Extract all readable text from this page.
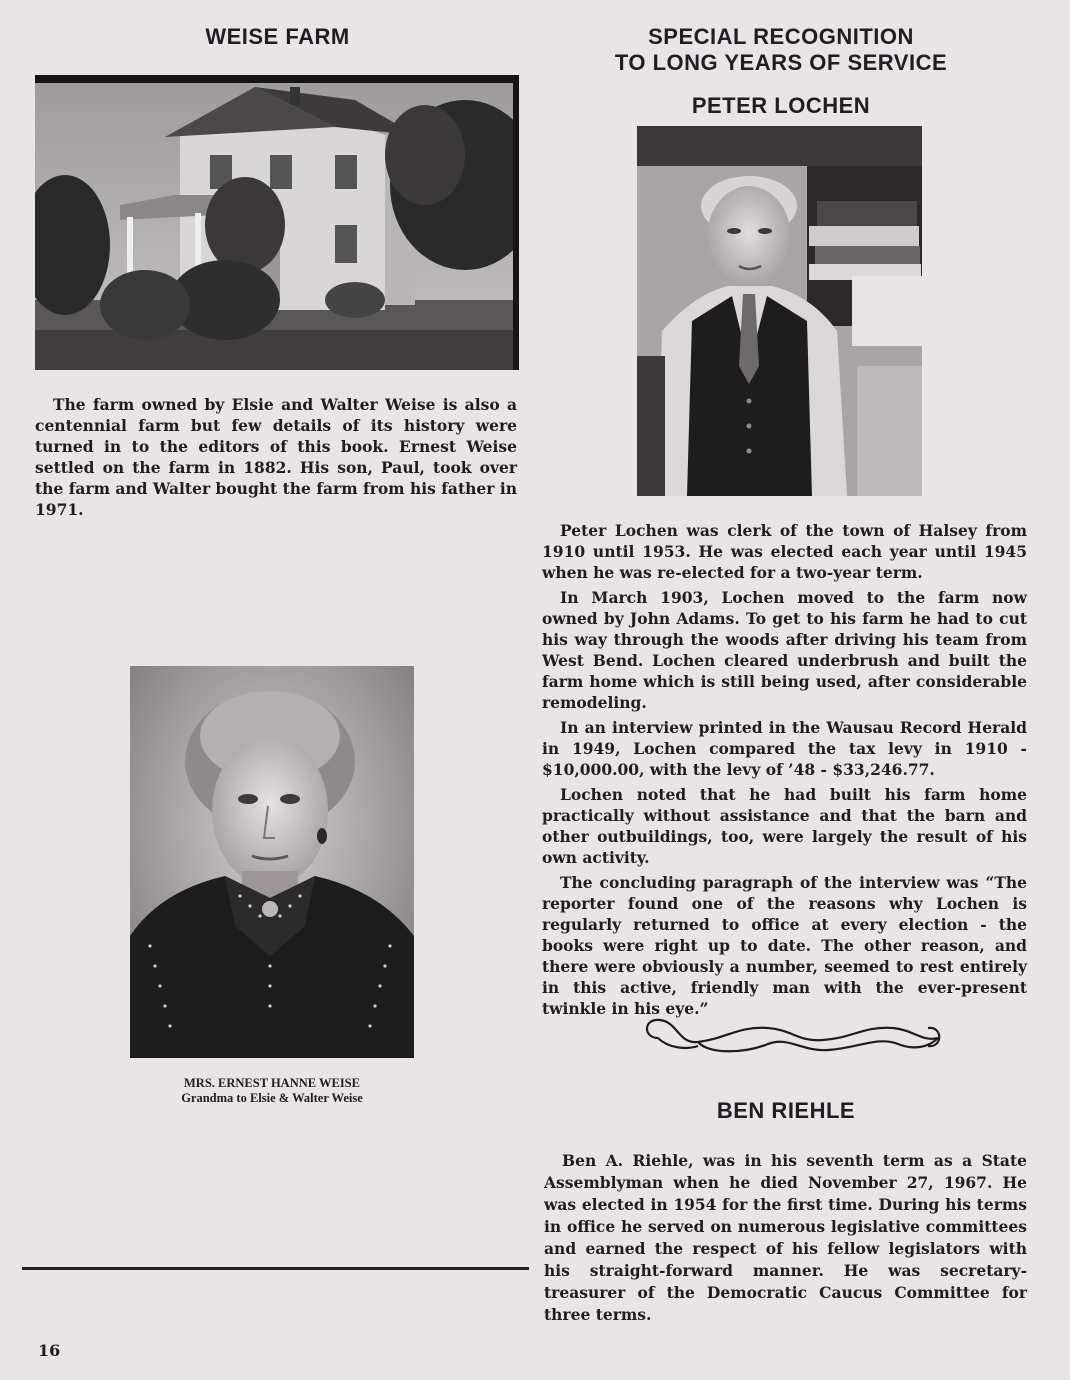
WEISE FARM

The farm owned by Elsie and Walter Weise is also a centennial farm but few details of its history were turned in to the editors of this book. Ernest Weise settled on the farm in 1882. His son, Paul, took over the farm and Walter bought the farm from his father in 1971.

MRS. ERNEST HANNE WEISE
Grandma to Elsie & Walter Weise
16
SPECIAL RECOGNITION
TO LONG YEARS OF SERVICE
PETER LOCHEN

Peter Lochen was clerk of the town of Halsey from 1910 until 1953. He was elected each year until 1945 when he was re-elected for a two-year term.

In March 1903, Lochen moved to the farm now owned by John Adams. To get to his farm he had to cut his way through the woods after driving his team from West Bend. Lochen cleared underbrush and built the farm home which is still being used, after considerable remodeling.

In an interview printed in the Wausau Record Herald in 1949, Lochen compared the tax levy in 1910 - $10,000.00, with the levy of ’48 - $33,246.77.

Lochen noted that he had built his farm home practically without assistance and that the barn and other outbuildings, too, were largely the result of his own activity.

The concluding paragraph of the interview was “The reporter found one of the reasons why Lochen is regularly returned to office at every election - the books were right up to date. The other reason, and there were obviously a number, seemed to rest entirely in this active, friendly man with the ever-present twinkle in his eye.”

BEN RIEHLE

Ben A. Riehle, was in his seventh term as a State Assemblyman when he died November 27, 1967. He was elected in 1954 for the first time. During his terms in office he served on numerous legislative committees and earned the respect of his fellow legislators with his straight-forward manner. He was secretary-treasurer of the Democratic Caucus Committee for three terms.
